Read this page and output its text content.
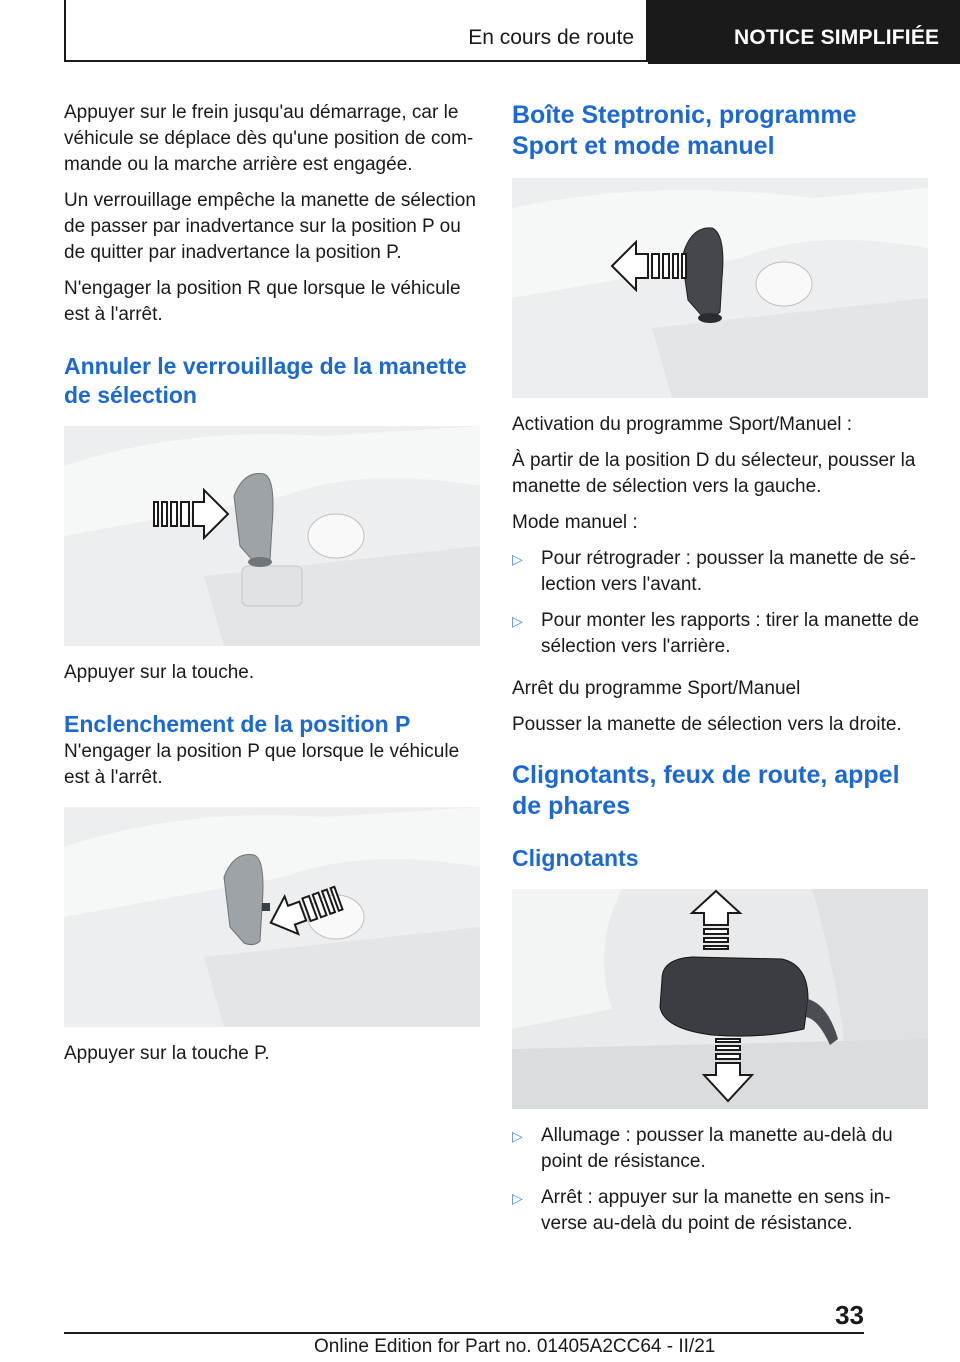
En cours de route	NOTICE SIMPLIFIÉE

Appuyer sur le frein jusqu'au démarrage, car le véhicule se déplace dès qu'une position de com‐ mande ou la marche arrière est engagée.

Un verrouillage empêche la manette de sélection de passer par inadvertance sur la position P ou de quitter par inadvertance la position P.

N'engager la position R que lorsque le véhicule est à l'arrêt.

Annuler le verrouillage de la manette de sélection

Appuyer sur la touche.

Enclenchement de la position P

N'engager la position P que lorsque le véhicule est à l'arrêt.

Appuyer sur la touche P.

Boîte Steptronic, programme Sport et mode manuel

Activation du programme Sport/Manuel :

À partir de la position D du sélecteur, pousser la manette de sélection vers la gauche.

Mode manuel :

▷ Pour rétrograder : pousser la manette de sé‐ lection vers l'avant.
▷ Pour monter les rapports : tirer la manette de sélection vers l'arrière.

Arrêt du programme Sport/Manuel

Pousser la manette de sélection vers la droite.

Clignotants, feux de route, appel de phares
Clignotants
▷ Allumage : pousser la manette au-delà du point de résistance.
▷ Arrêt : appuyer sur la manette en sens in‐ verse au-delà du point de résistance.
33
Online Edition for Part no. 01405A2CC64 - II/21
